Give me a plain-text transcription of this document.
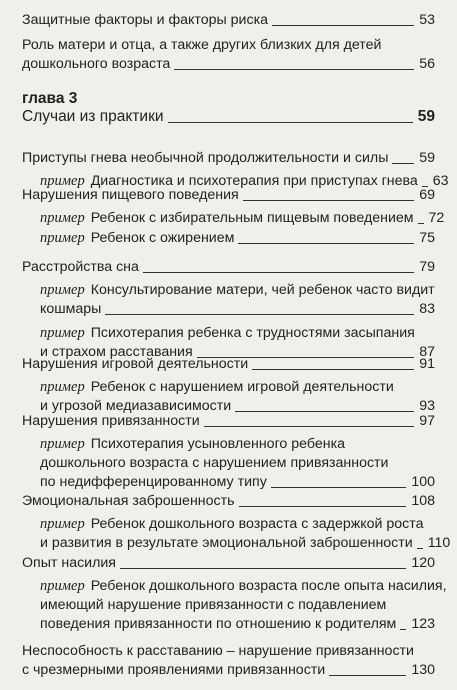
Защитные факторы и факторы риска	53
Роль матери и отца, а также других близких для детей
дошкольного возраста	56
глава 3
Случаи из практики	59
Приступы гнева необычной продолжительности и силы 59
пример Диагностика и психотерапия при приступах гнева 63
Нарушения пищевого поведения	69
пример Ребенок с избирательным пищевым поведением 72
пример Ребенок с ожирением	75
Расстройства сна	79
пример Консультирование матери, чей ребенок часто видит
кошмары	83
пример Психотерапия ребенка с трудностями засыпания
и страхом расставания	87
Нарушения игровой деятельности	91
пример Ребенок с нарушением игровой деятельности
и угрозой медиазависимости	93
Нарушения привязанности	97
пример Психотерапия усыновленного ребенка
дошкольного возраста с нарушением привязанности
по недифференцированному типу	100
Эмоциональная заброшенность	108
пример Ребенок дошкольного возраста с задержкой роста
и развития в результате эмоциональной заброшенности 110
Опыт насилия	120
пример Ребенок дошкольного возраста после опыта насилия,
имеющий нарушение привязанности с подавлением
поведения привязанности по отношению к родителям 123
Неспособность к расставанию – нарушение привязанности
с чрезмерными проявлениями привязанности	130
